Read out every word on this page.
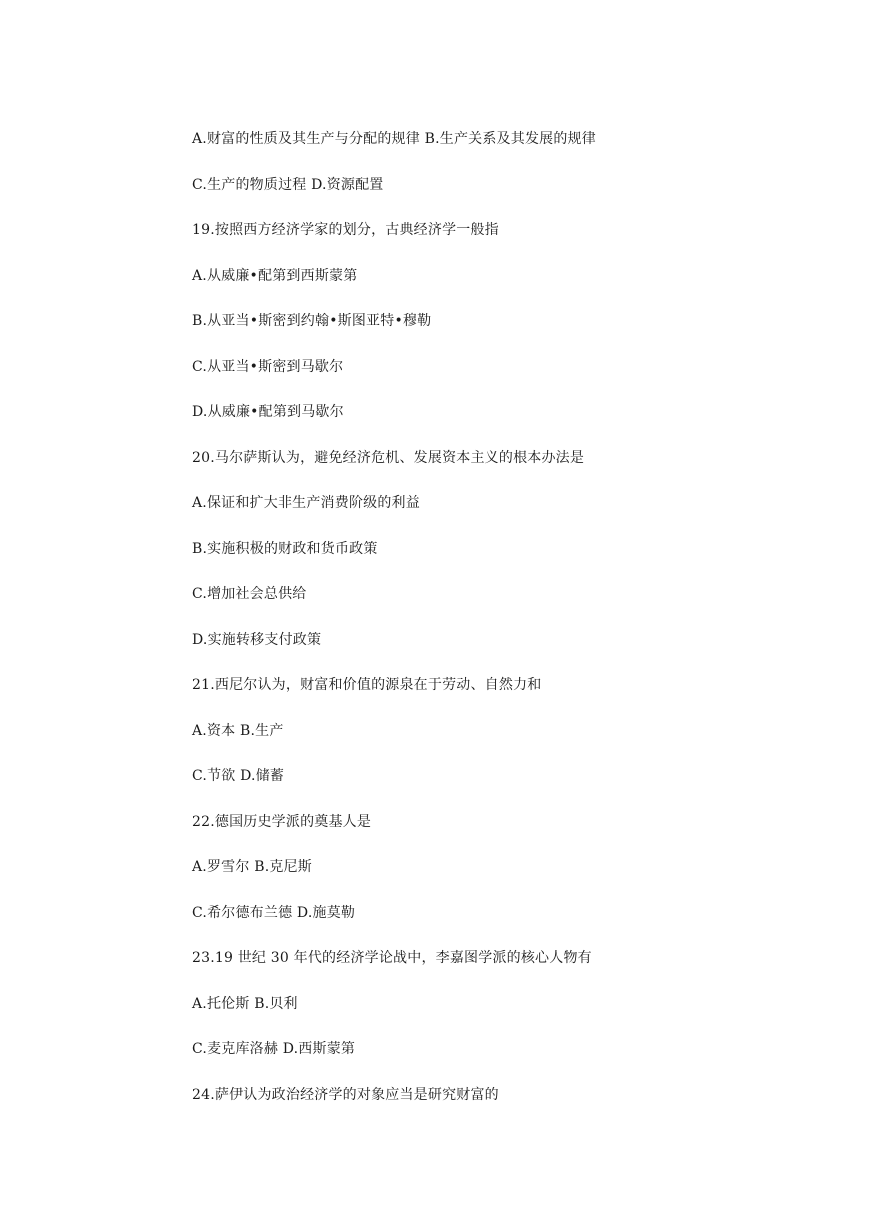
A.财富的性质及其生产与分配的规律 B.生产关系及其发展的规律
C.生产的物质过程 D.资源配置
19.按照西方经济学家的划分，古典经济学一般指
A.从威廉•配第到西斯蒙第
B.从亚当•斯密到约翰•斯图亚特•穆勒
C.从亚当•斯密到马歇尔
D.从威廉•配第到马歇尔
20.马尔萨斯认为，避免经济危机、发展资本主义的根本办法是
A.保证和扩大非生产消费阶级的利益
B.实施积极的财政和货币政策
C.增加社会总供给
D.实施转移支付政策
21.西尼尔认为，财富和价值的源泉在于劳动、自然力和
A.资本 B.生产
C.节欲 D.储蓄
22.德国历史学派的奠基人是
A.罗雪尔 B.克尼斯
C.希尔德布兰德 D.施莫勒
23.19 世纪 30 年代的经济学论战中，李嘉图学派的核心人物有
A.托伦斯 B.贝利
C.麦克库洛赫 D.西斯蒙第
24.萨伊认为政治经济学的对象应当是研究财富的
